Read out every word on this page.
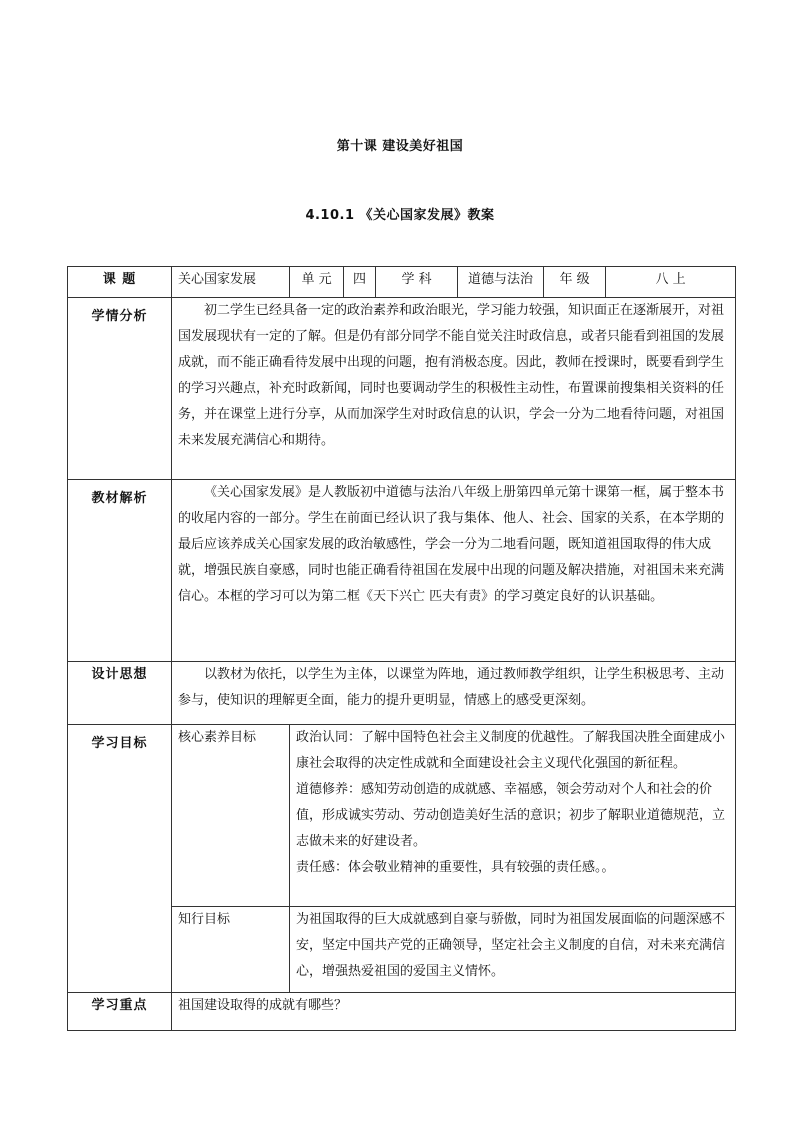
第十课 建设美好祖国
4.10.1 《关心国家发展》教案
课 题	关心国家发展	单 元	四	学 科	道德与法治	年 级	八 上
学情分析	初二学生已经具备一定的政治素养和政治眼光，学习能力较强，知识面正在逐渐展开，对祖国发展现状有一定的了解。但是仍有部分同学不能自觉关注时政信息，或者只能看到祖国的发展成就，而不能正确看待发展中出现的问题，抱有消极态度。因此，教师在授课时，既要看到学生的学习兴趣点，补充时政新闻，同时也要调动学生的积极性主动性，布置课前搜集相关资料的任务，并在课堂上进行分享，从而加深学生对时政信息的认识，学会一分为二地看待问题，对祖国未来发展充满信心和期待。						
教材解析	《关心国家发展》是人教版初中道德与法治八年级上册第四单元第十课第一框，属于整本书的收尾内容的一部分。学生在前面已经认识了我与集体、他人、社会、国家的关系，在本学期的最后应该养成关心国家发展的政治敏感性，学会一分为二地看问题，既知道祖国取得的伟大成就，增强民族自豪感，同时也能正确看待祖国在发展中出现的问题及解决措施，对祖国未来充满信心。本框的学习可以为第二框《天下兴亡 匹夫有责》的学习奠定良好的认识基础。						
设计思想	以教材为依托，以学生为主体，以课堂为阵地，通过教师教学组织，让学生积极思考、主动参与，使知识的理解更全面，能力的提升更明显，情感上的感受更深刻。						
学习目标	核心素养目标	政治认同：了解中国特色社会主义制度的优越性。了解我国决胜全面建成小康社会取得的决定性成就和全面建设社会主义现代化强国的新征程。
道德修养：感知劳动创造的成就感、幸福感，领会劳动对个人和社会的价值，形成诚实劳动、劳动创造美好生活的意识；初步了解职业道德规范，立志做未来的好建设者。
责任感：体会敬业精神的重要性，具有较强的责任感。。					

	知行目标	为祖国取得的巨大成就感到自豪与骄傲，同时为祖国发展面临的问题深感不安，坚定中国共产党的正确领导，坚定社会主义制度的自信，对未来充满信心，增强热爱祖国的爱国主义情怀。					
学习重点	祖国建设取得的成就有哪些？						
